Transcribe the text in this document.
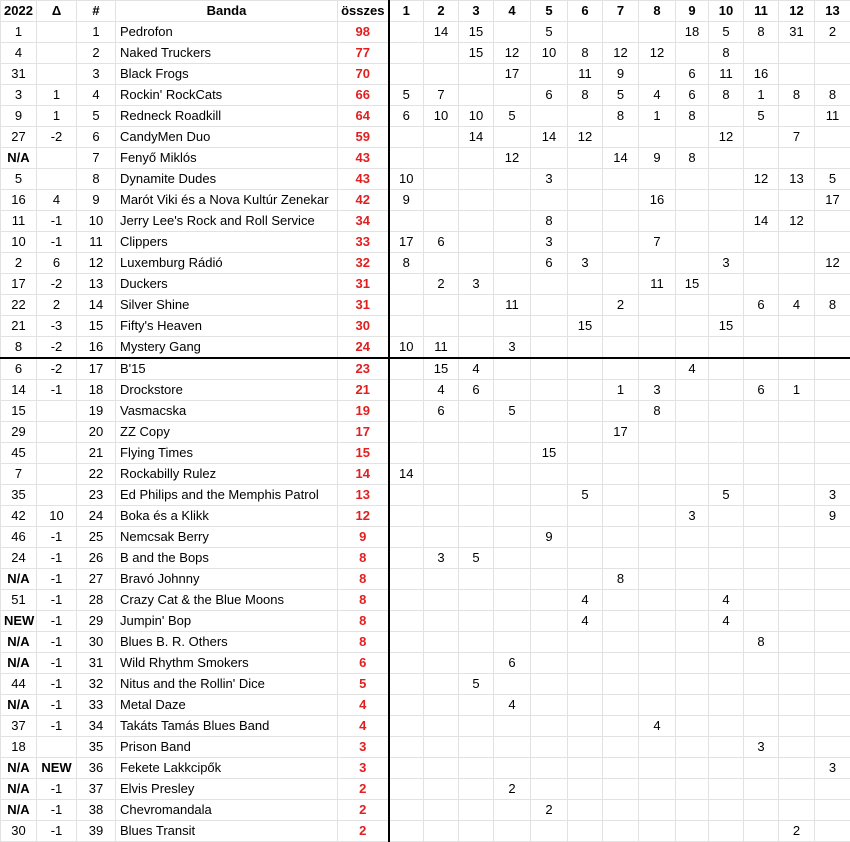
2022	Δ	#	Banda	összes	1	2	3	4	5	6	7	8	9	10	11	12	13
1		1	Pedrofon	98		14	15		5				18	5	8	31	2
4		2	Naked Truckers	77			15	12	10	8	12	12		8			
31		3	Black Frogs	70				17		11	9		6	11	16		
3	1	4	Rockin' RockCats	66	5	7			6	8	5	4	6	8	1	8	8
9	1	5	Redneck Roadkill	64	6	10	10	5			8	1	8		5		11
27	-2	6	CandyMen Duo	59			14		14	12				12		7	
N/A		7	Fenyő Miklós	43				12			14	9	8				
5		8	Dynamite Dudes	43	10				3						12	13	5
16	4	9	Marót Viki és a Nova Kultúr Zenekar	42	9							16					17
11	-1	10	Jerry Lee's Rock and Roll Service	34					8						14	12	
10	-1	11	Clippers	33	17	6			3			7					
2	6	12	Luxemburg Rádió	32	8				6	3				3			12
17	-2	13	Duckers	31		2	3					11	15				
22	2	14	Silver Shine	31				11			2				6	4	8
21	-3	15	Fifty's Heaven	30						15				15			
8	-2	16	Mystery Gang	24	10	11		3									
6	-2	17	B'15	23		15	4						4				
14	-1	18	Drockstore	21		4	6				1	3			6	1	
15		19	Vasmacska	19		6		5				8					
29		20	ZZ Copy	17							17						
45		21	Flying Times	15					15								
7		22	Rockabilly Rulez	14	14												
35		23	Ed Philips and the Memphis Patrol	13						5				5			3
42	10	24	Boka és a Klikk	12									3				9
46	-1	25	Nemcsak Berry	9					9								
24	-1	26	B and the Bops	8		3	5										
N/A	-1	27	Bravó Johnny	8							8						
51	-1	28	Crazy Cat & the Blue Moons	8						4				4			
NEW	-1	29	Jumpin' Bop	8						4				4			
N/A	-1	30	Blues B. R. Others	8											8		
N/A	-1	31	Wild Rhythm Smokers	6				6									
44	-1	32	Nitus and the Rollin' Dice	5			5										
N/A	-1	33	Metal Daze	4				4									
37	-1	34	Takáts Tamás Blues Band	4								4					
18		35	Prison Band	3											3		
N/A	NEW	36	Fekete Lakkcipők	3													3
N/A	-1	37	Elvis Presley	2				2									
N/A	-1	38	Chevromandala	2					2								
30	-1	39	Blues Transit	2												2	
